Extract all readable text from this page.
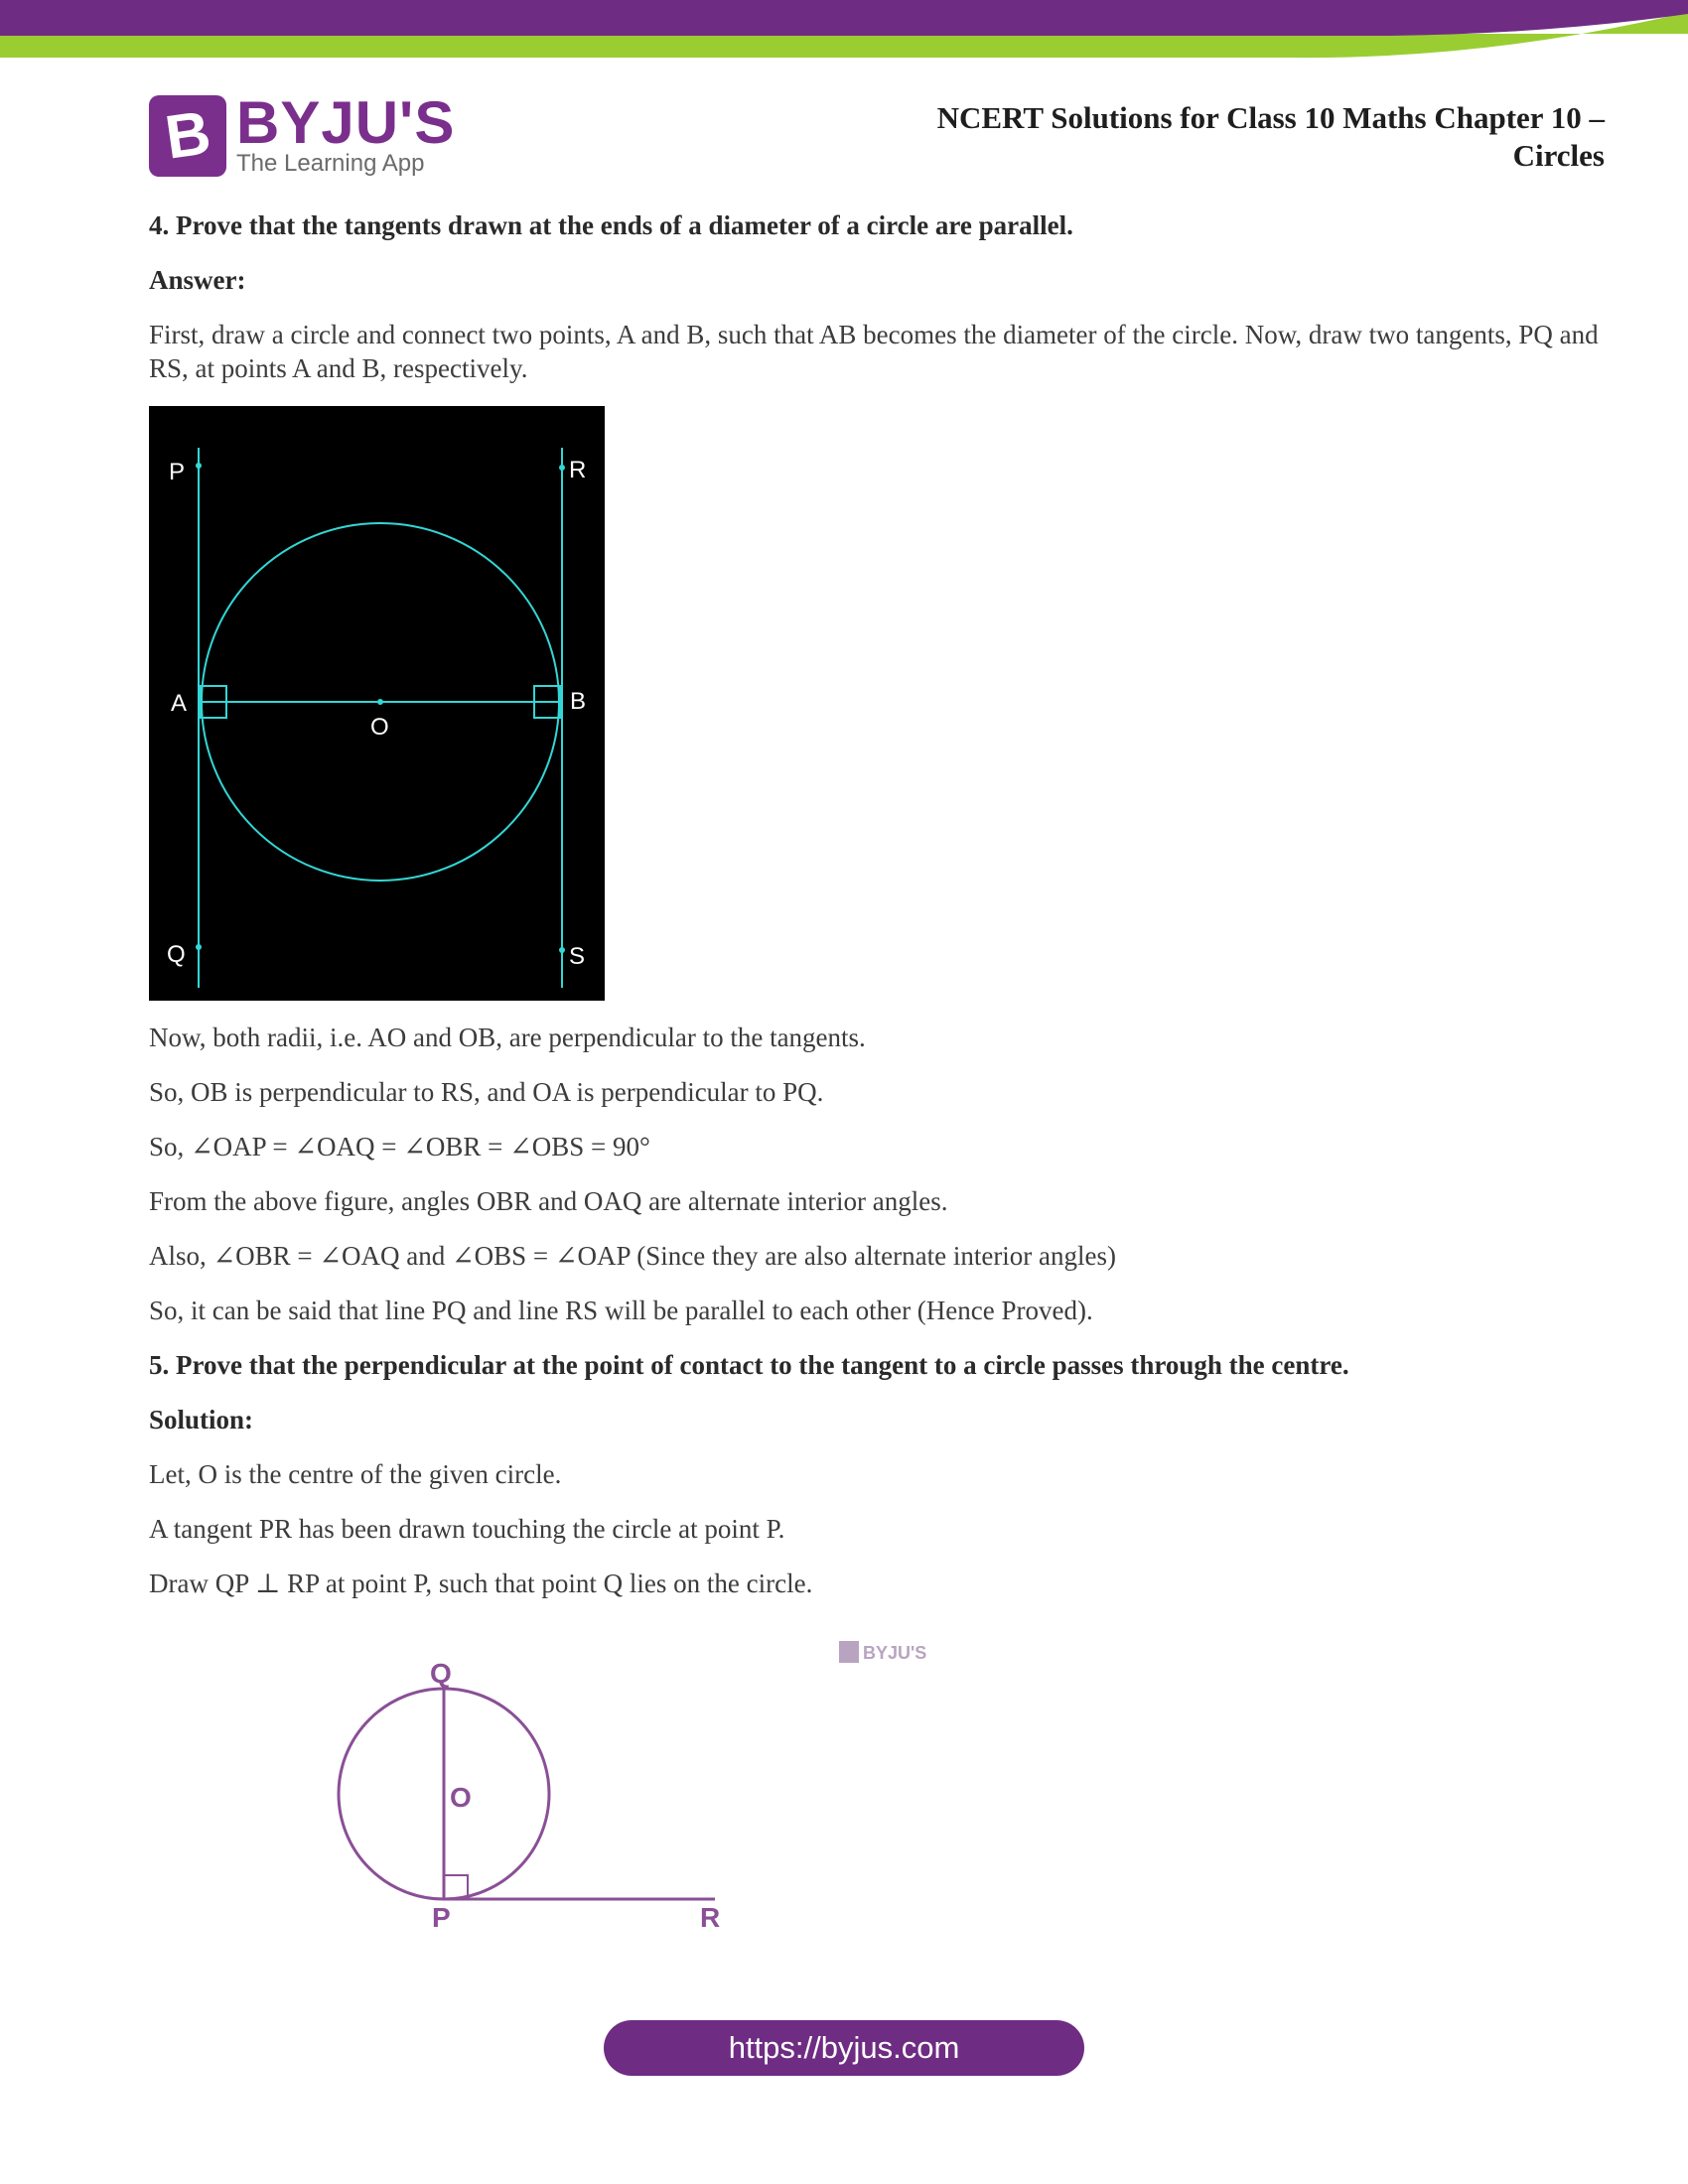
B BYJU'S
The Learning App
NCERT Solutions for Class 10 Maths Chapter 10 –
Circles
4. Prove that the tangents drawn at the ends of a diameter of a circle are parallel.
Answer:
First, draw a circle and connect two points, A and B, such that AB becomes the diameter of the circle. Now, draw two tangents, PQ and RS, at points A and B, respectively.
P	R
A	B
O
Q	S
Now, both radii, i.e. AO and OB, are perpendicular to the tangents.
So, OB is perpendicular to RS, and OA is perpendicular to PQ.
So, ∠OAP = ∠OAQ = ∠OBR = ∠OBS = 90°
From the above figure, angles OBR and OAQ are alternate interior angles.
Also, ∠OBR = ∠OAQ and ∠OBS = ∠OAP (Since they are also alternate interior angles)
So, it can be said that line PQ and line RS will be parallel to each other (Hence Proved).
5. Prove that the perpendicular at the point of contact to the tangent to a circle passes through the centre.
Solution:
Let, O is the centre of the given circle.
A tangent PR has been drawn touching the circle at point P.
Draw QP ⊥ RP at point P, such that point Q lies on the circle.
Q
O
P	R
BYJU'S
https://byjus.com
